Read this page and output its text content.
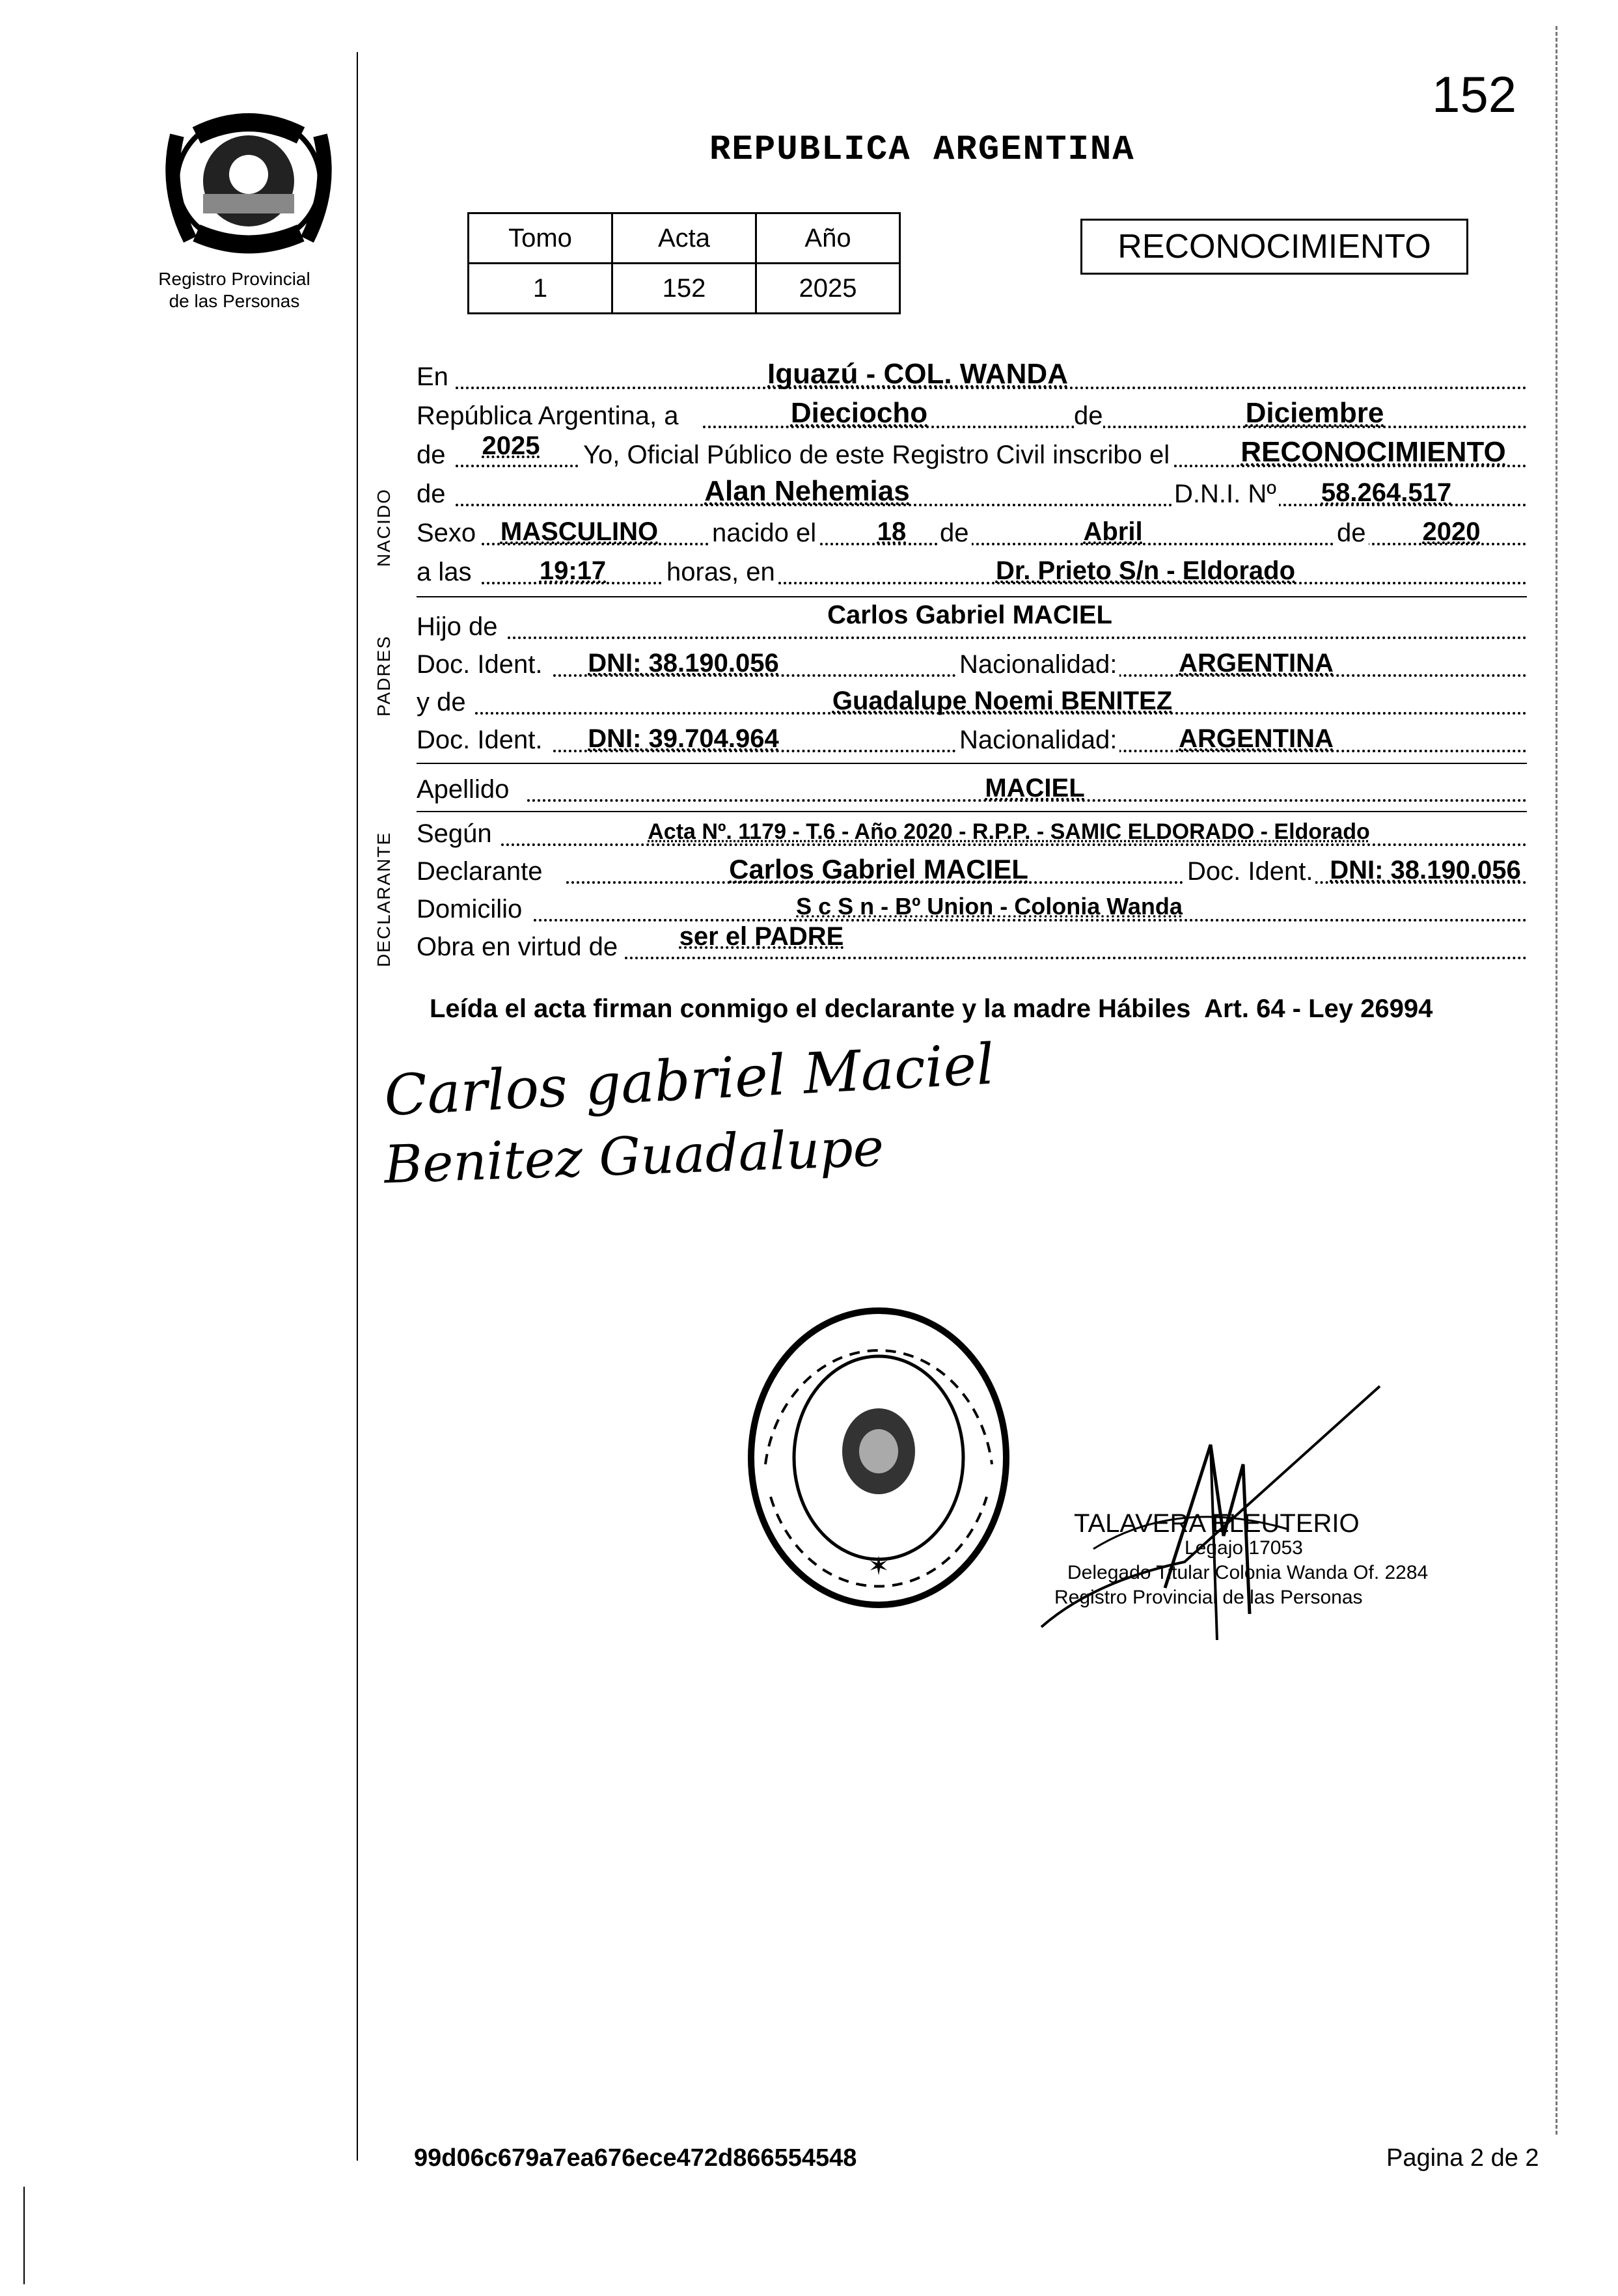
152
Registro Provincial
de las Personas
REPUBLICA ARGENTINA
Tomo	Acta	Año
1	152	2025
RECONOCIMIENTO
NACIDO
PADRES
DECLARANTE
En	Iguazú - COL. WANDA
República Argentina, a	Dieciocho	de	Diciembre
de 2025 Yo, Oficial Público de este Registro Civil inscribo el	RECONOCIMIENTO
de	Alan Nehemias	D.N.I. Nº	58.264.517
Sexo MASCULINO	nacido el 18 de	Abril	de	2020
a las	19:17	horas, en	Dr. Prieto S/n - Eldorado
Hijo de	Carlos Gabriel MACIEL
Doc. Ident.	DNI: 38.190.056	Nacionalidad:	ARGENTINA
y de	Guadalupe Noemi BENITEZ
Doc. Ident.	DNI: 39.704.964	Nacionalidad:	ARGENTINA
Apellido	MACIEL
Según	Acta Nº. 1179 - T.6 - Año 2020 - R.P.P. - SAMIC ELDORADO - Eldorado
Declarante	Carlos Gabriel MACIEL	Doc. Ident. DNI: 38.190.056
Domicilio	S c S n - Bº Union - Colonia Wanda
Obra en virtud de	ser el PADRE
Leída el acta firman conmigo el declarante y la madre Hábiles  Art. 64 - Ley 26994
Carlos gabriel Maciel
Benitez Guadalupe
✶
TALAVERA ELEUTERIO
Legajo 17053
Delegado Titular Colonia Wanda Of. 2284
Registro Provincial de las Personas
99d06c679a7ea676ece472d866554548	Pagina 2 de 2
